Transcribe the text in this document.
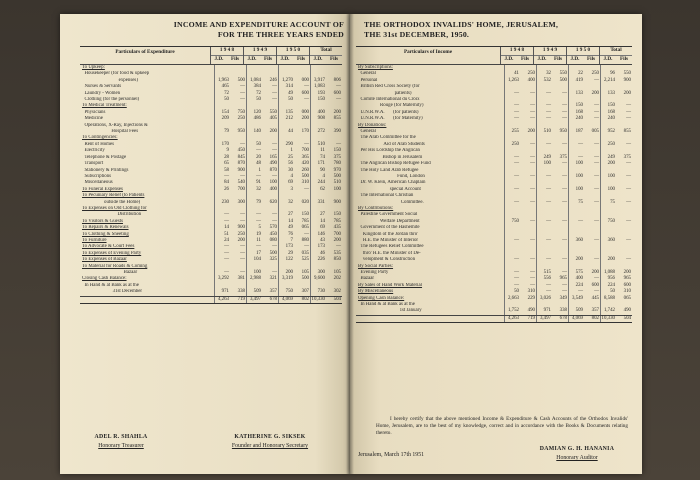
INCOME AND EXPENDITURE ACCOUNT OF
FOR THE THREE YEARS ENDED
Particulars of Expenditure	1 9 4 8
J.D.	Fils
1 9 4 9
J.D.	Fils
1 9 5 0
J.D.	Fils
Total
J.D.	Fils
To Upkeep:
Housekeeper (for food & upkeep
expenses)	1,963	500	1,084	246	1,270	000	3,917	806
Nurses & Servants	465	—	384	—	314	—	1,083	—
Laundry - Women	72	—	72	—	49	600	193	600
Clothing (for the personnel)	50	—	50	—	50	—	150	—
To Medical Treatment:
Physicians	154	750	120	550	135	000	400	200
Medicine	209	250	486	405	212	200	908	855
Operations, X-Ray, Injections &
Hospital Fees	79	950	140	200	44	170	272	390
To Contingencies:
Rent of Homes	170	—	50	—	290	—	510	—
Electricity	9	450	—	—	1	700	11	150
Telephone & Postage	28	845	20	165	25	365	74	375
Transport	65	870	48	490	56	420	171	780
Stationery & Printings	58	900	1	870	30	260	90	970
Subscriptions	—	—	—	—	4	500	4	500
Miscellaneous	84	540	91	100	69	310	244	510
To Funeral Expenses	26	700	32	400	3	—	62	100
To Pecuniary Relief (to Patients
outside the Home)	230	300	79	620	32	020	331	900
To Expenses on Old Clothing for
Distribution	—	—	—	—	27	150	27	150
To Visitors & Guests	—	—	—	—	14	785	14	785
To Repairs & Renewals	14	900	5	570	49	065	69	435
To Clothing & Sheeting	51	250	19	450	76	—	146	700
To Furniture	24	200	11	080	7	880	43	200
To Advocate & Court Fees	—	—	—	—	173	—	173	—
To Expenses of Evening Party	—	—	17	500	29	035	46	535
To Expenses of Bazaar	—	—	104	325	122	525	226	850
To Material for Roads & Coming
Bazaar	—	—	100	—	200	105	300	105
Closing Cash Balance:	3,292	381	2,988	321	3,319	500	9,600	202
In Hand & at Bank as at the
31st December	971	338	509	357	750	307	730	302
4,263	719	3,497	678	4,069	802 10,330	504
ADEL R. SHAHLA
Honorary Treasurer
KATHERINE G. SIKSEK
Founder and Honorary Secretary
THE ORTHODOX INVALIDS' HOME, JERUSALEM,
THE 31st DECEMBER, 1950.
Particulars of Income	1 9 4 8
J.D.	Fils
1 9 4 9
J.D.	Fils
1 9 5 0
J.D.	Fils
Total
J.D.	Fils
By Subscriptions:
General	41	250	32	550	22	250	96	550
Personal	1,263	400	532	500	419	—	2,214	900
British Red Cross Society (for
patients)	—	—	—	—	133	200	133	200
Comité International du Croix
Rouge (for Maternity)	—	—	—	—	150	—	150	—
U.N.R.W.A.       (for patients)	—	—	—	—	168	—	168	—
U.N.R.W.A.       (for Maternity)	—	—	—	—	240	—	240	—
By Donations:
General	255	200	510	950	187	005	952	855
The Arab Committee for the
Aid of Arab Students	250	—	—	—	—	—	250	—
Per His Lordship the Anglican
Bishop in Jerusalem	—	—	249	375	—	—	249	375
The Anglican Bishop Refugee Fund	—	—	100	—	100	—	200	—
The Holy Land Arab Refugee
Fund, London	—	—	—	—	100	—	100	—
Dr. W. Klein, American Chaplain
special Account	—	—	—	—	100	—	100	—
The International Christian
Committee.	—	—	—	—	75	—	75	—
By Contributions:
Palestine Government Social
Welfare Department	750	—	—	—	—	—	750	—
Government of the Hashemite
Kingdom of the Jordan thro'
H.E. the Minister of Interior	—	—	—	—	360	—	360	—
The Refugees Relief Committee
thro' H.E. the Minister of De-
velopment & Construction	—	—	—	—	200	—	200	—
By Social Parties:
Evening Party	—	—	515	—	575	200	1,088	200
Bazaar	—	—	556	965	400	—	956	965
By Sales of Hand Work Material	—	—	—	—	224	600	224	600
By Miscellaneous	50	310	—	—	—	—	50	310
Opening Cash Balance:	2,663	229	3,026	349	3,549	445	8,588	065
In Hand & at Bank as at the
1st January	1,752	490	971	338	509	357	1,742	490
4,263	719	3,497	678	4,069	802 10,330	504
I hereby certify that the above mentioned Income & Expenditure & Cash Accounts of the Orthodox Invalids' Home, Jerusalem, are to the best of my knowledge, correct and in accordance with the Books & Documents relating thereto.
Jerusalem, March 17th 1951
DAMIAN G. H. HANANIA
Honorary Auditor
